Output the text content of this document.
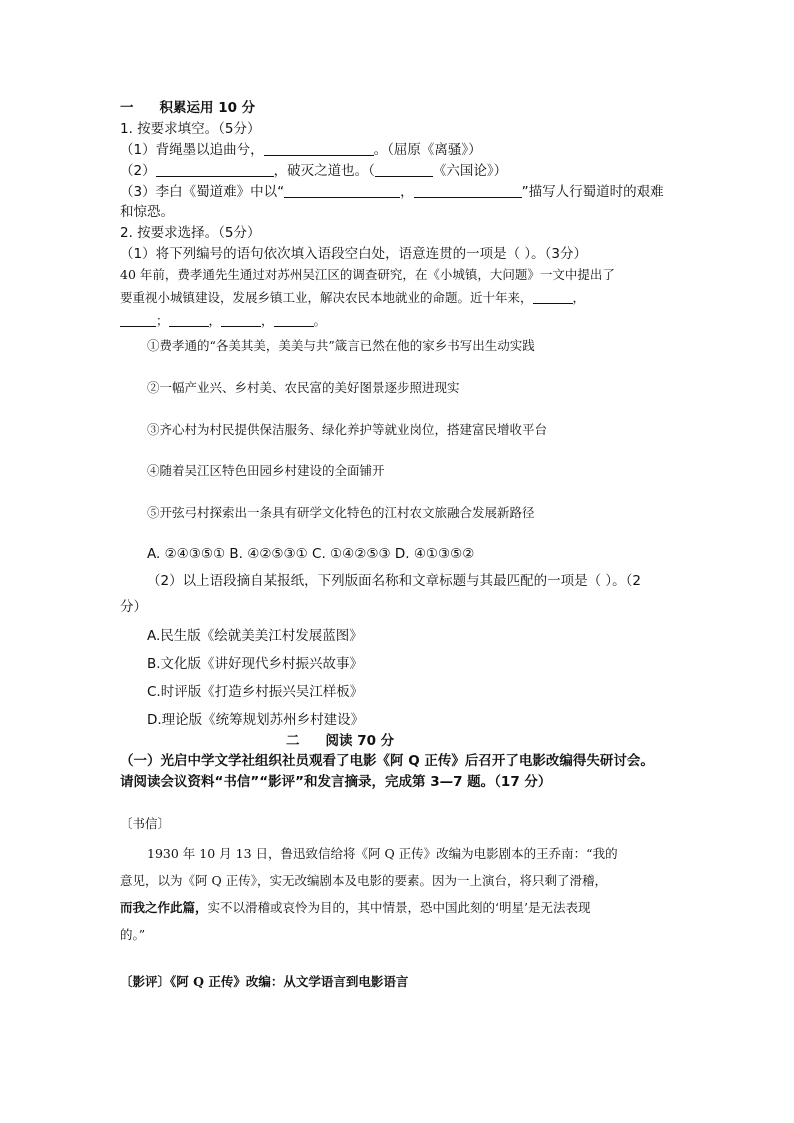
一 积累运用 10 分
1. 按要求填空。（5分）
（1）背绳墨以追曲兮，	。（屈原《离骚》）
（2）	，破灭之道也。（	《六国论》）
（3）李白《蜀道难》中以“	，	”描写人行蜀道时的艰难
和惊恐。
2. 按要求选择。（5分）
（1）将下列编号的语句依次填入语段空白处，语意连贯的一项是（ ）。（3分）
40 年前，费孝通先生通过对苏州吴江区的调查研究，在《小城镇，大问题》一文中提出了
要重视小城镇建设，发展乡镇工业，解决农民本地就业的命题。近十年来，	，
；	，	，	。
①费孝通的“各美其美，美美与共”箴言已然在他的家乡书写出生动实践
②一幅产业兴、乡村美、农民富的美好图景逐步照进现实
③齐心村为村民提供保洁服务、绿化养护等就业岗位，搭建富民增收平台
④随着吴江区特色田园乡村建设的全面铺开
⑤开弦弓村探索出一条具有研学文化特色的江村农文旅融合发展新路径
A. ②④③⑤① B. ④②⑤③① C. ①④②⑤③ D. ④①③⑤②
（2）以上语段摘自某报纸，下列版面名称和文章标题与其最匹配的一项是（ ）。（2
分）
A.民生版《绘就美美江村发展蓝图》
B.文化版《讲好现代乡村振兴故事》
C.时评版《打造乡村振兴吴江样板》
D.理论版《统筹规划苏州乡村建设》
二 阅读 70 分
（一）光启中学文学社组织社员观看了电影《阿 Q 正传》后召开了电影改编得失研讨会。
请阅读会议资料“书信”“影评”和发言摘录，完成第 3—7 题。（17 分）
〔书信〕
1930 年 10 月 13 日，鲁迅致信给将《阿 Q 正传》改编为电影剧本的王乔南：“我的
意见，以为《阿 Q 正传》，实无改编剧本及电影的要素。因为一上演台，将只剩了滑稽，
而我之作此篇，实不以滑稽或哀怜为目的，其中情景，恐中国此刻的‘明星’是无法表现
的。”
〔影评〕《阿 Q 正传》改编：从文学语言到电影语言
